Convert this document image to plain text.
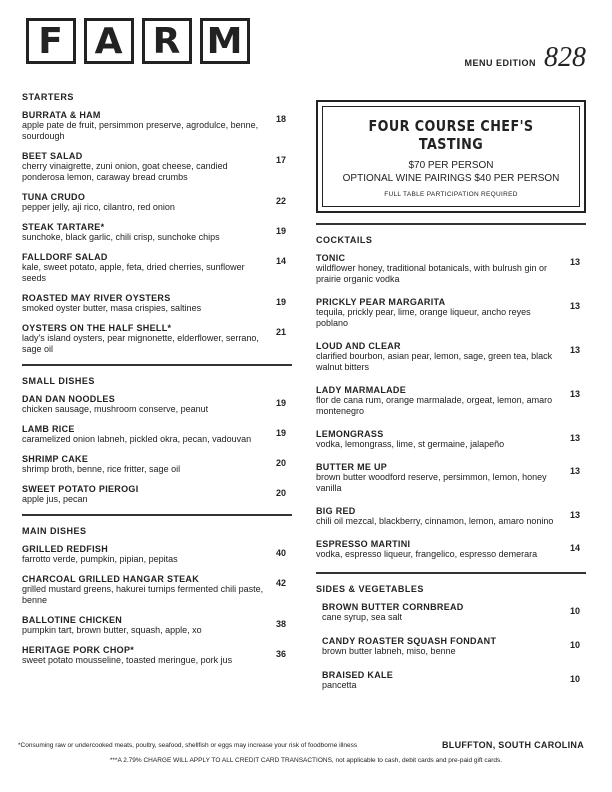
F A R M
MENU EDITION 828
STARTERS
BURRATA & HAM
apple pate de fruit, persimmon preserve, agrodulce, benne, sourdough
18
BEET SALAD
cherry vinaigrette, zuni onion, goat cheese, candied ponderosa lemon, caraway bread crumbs
17
TUNA CRUDO
pepper jelly, aji rico, cilantro, red onion
22
STEAK TARTARE*
sunchoke, black garlic, chili crisp, sunchoke chips
19
FALLDORF SALAD
kale, sweet potato, apple, feta, dried cherries, sunflower seeds
14
ROASTED MAY RIVER OYSTERS
smoked oyster butter, masa crispies, saltines
19
OYSTERS ON THE HALF SHELL*
lady's island oysters, pear mignonette, elderflower, serrano, sage oil
21
SMALL DISHES
DAN DAN NOODLES
chicken sausage, mushroom conserve, peanut
19
LAMB RICE
caramelized onion labneh, pickled okra, pecan, vadouvan
19
SHRIMP CAKE
shrimp broth, benne, rice fritter, sage oil
20
SWEET POTATO PIEROGI
apple jus, pecan
20
MAIN DISHES
GRILLED REDFISH
farrotto verde, pumpkin, pipian, pepitas
40
CHARCOAL GRILLED HANGAR STEAK
grilled mustard greens, hakurei turnips fermented chili paste, benne
42
BALLOTINE CHICKEN
pumpkin tart, brown butter, squash, apple, xo
38
HERITAGE PORK CHOP*
sweet potato mousseline, toasted meringue, pork jus
36
FOUR COURSE CHEF'S TASTING
$70 PER PERSON
OPTIONAL WINE PAIRINGS $40 PER PERSON
FULL TABLE PARTICIPATION REQUIRED
COCKTAILS
TONIC
wildflower honey, traditional botanicals, with bulrush gin or prairie organic vodka
13
PRICKLY PEAR MARGARITA
tequila, prickly pear, lime, orange liqueur, ancho reyes poblano
13
LOUD AND CLEAR
clarified bourbon, asian pear, lemon, sage, green tea, black walnut bitters
13
LADY MARMALADE
flor de cana rum, orange marmalade, orgeat, lemon, amaro montenegro
13
LEMONGRASS
vodka, lemongrass, lime, st germaine, jalapeño
13
BUTTER ME UP
brown butter woodford reserve, persimmon, lemon, honey vanilla
13
BIG RED
chili oil mezcal, blackberry, cinnamon, lemon, amaro nonino
13
ESPRESSO MARTINI
vodka, espresso liqueur, frangelico, espresso demerara
14
SIDES & VEGETABLES
BROWN BUTTER CORNBREAD
cane syrup, sea salt
10
CANDY ROASTER SQUASH FONDANT
brown butter labneh, miso, benne
10
BRAISED KALE
pancetta
10
*Consuming raw or undercooked meats, poultry, seafood, shellfish or eggs may increase your risk of foodborne illness	BLUFFTON, SOUTH CAROLINA
***A 2.79% CHARGE WILL APPLY TO ALL CREDIT CARD TRANSACTIONS, not applicable to cash, debit cards and pre-paid gift cards.
